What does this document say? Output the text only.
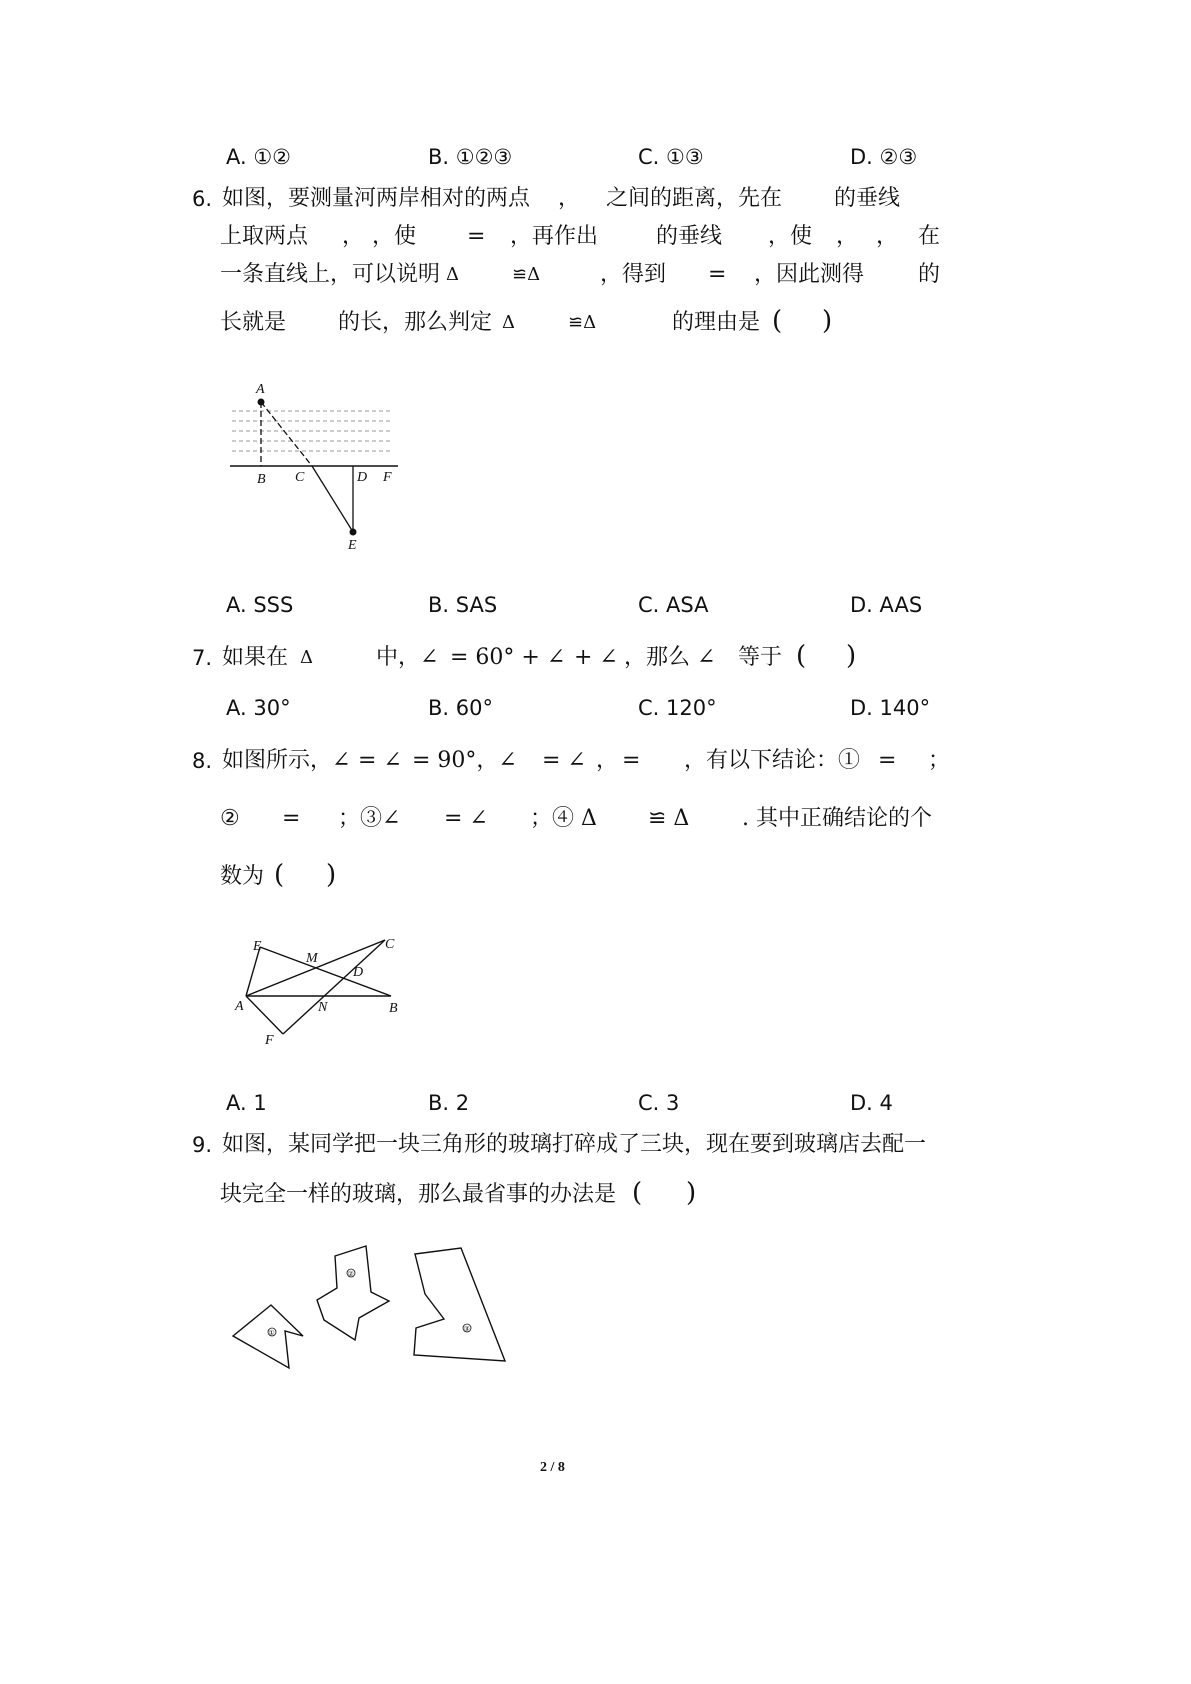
A. ①②	B. ①②③	C. ①③	D. ②③
6. 如图，要测量河两岸相对的两点 ， 之间的距离，先在 的垂线
上取两点 ， ，使 = ，再作出	的垂线 ，使 ， ， 在
一条直线上，可以说明 Δ	≌Δ	，得到 = ，因此测得 的
长就是 的长，那么判定 Δ	≌Δ	的理由是 ( )
A
B C	D F
E
A. SSS	B. SAS	C. ASA	D. AAS
7. 如果在 Δ	中，∠ = 60° + ∠ + ∠ ，那么 ∠ 等于 ( )
A. 30°	B. 60°	C. 120°	D. 140°
8. 如图所示，∠ = ∠ = 90°，∠ = ∠ ， = ，有以下结论：① = ；
② = ；③∠ = ∠ ；④ Δ ≌ Δ . 其中正确结论的个
数为 ( )
E
M
C
D
A	N	B
F
A. 1	B. 2	C. 3	D. 4
9. 如图，某同学把一块三角形的玻璃打碎成了三块，现在要到玻璃店去配一
块完全一样的玻璃，那么最省事的办法是 ( )
①
②
③
2 / 8
